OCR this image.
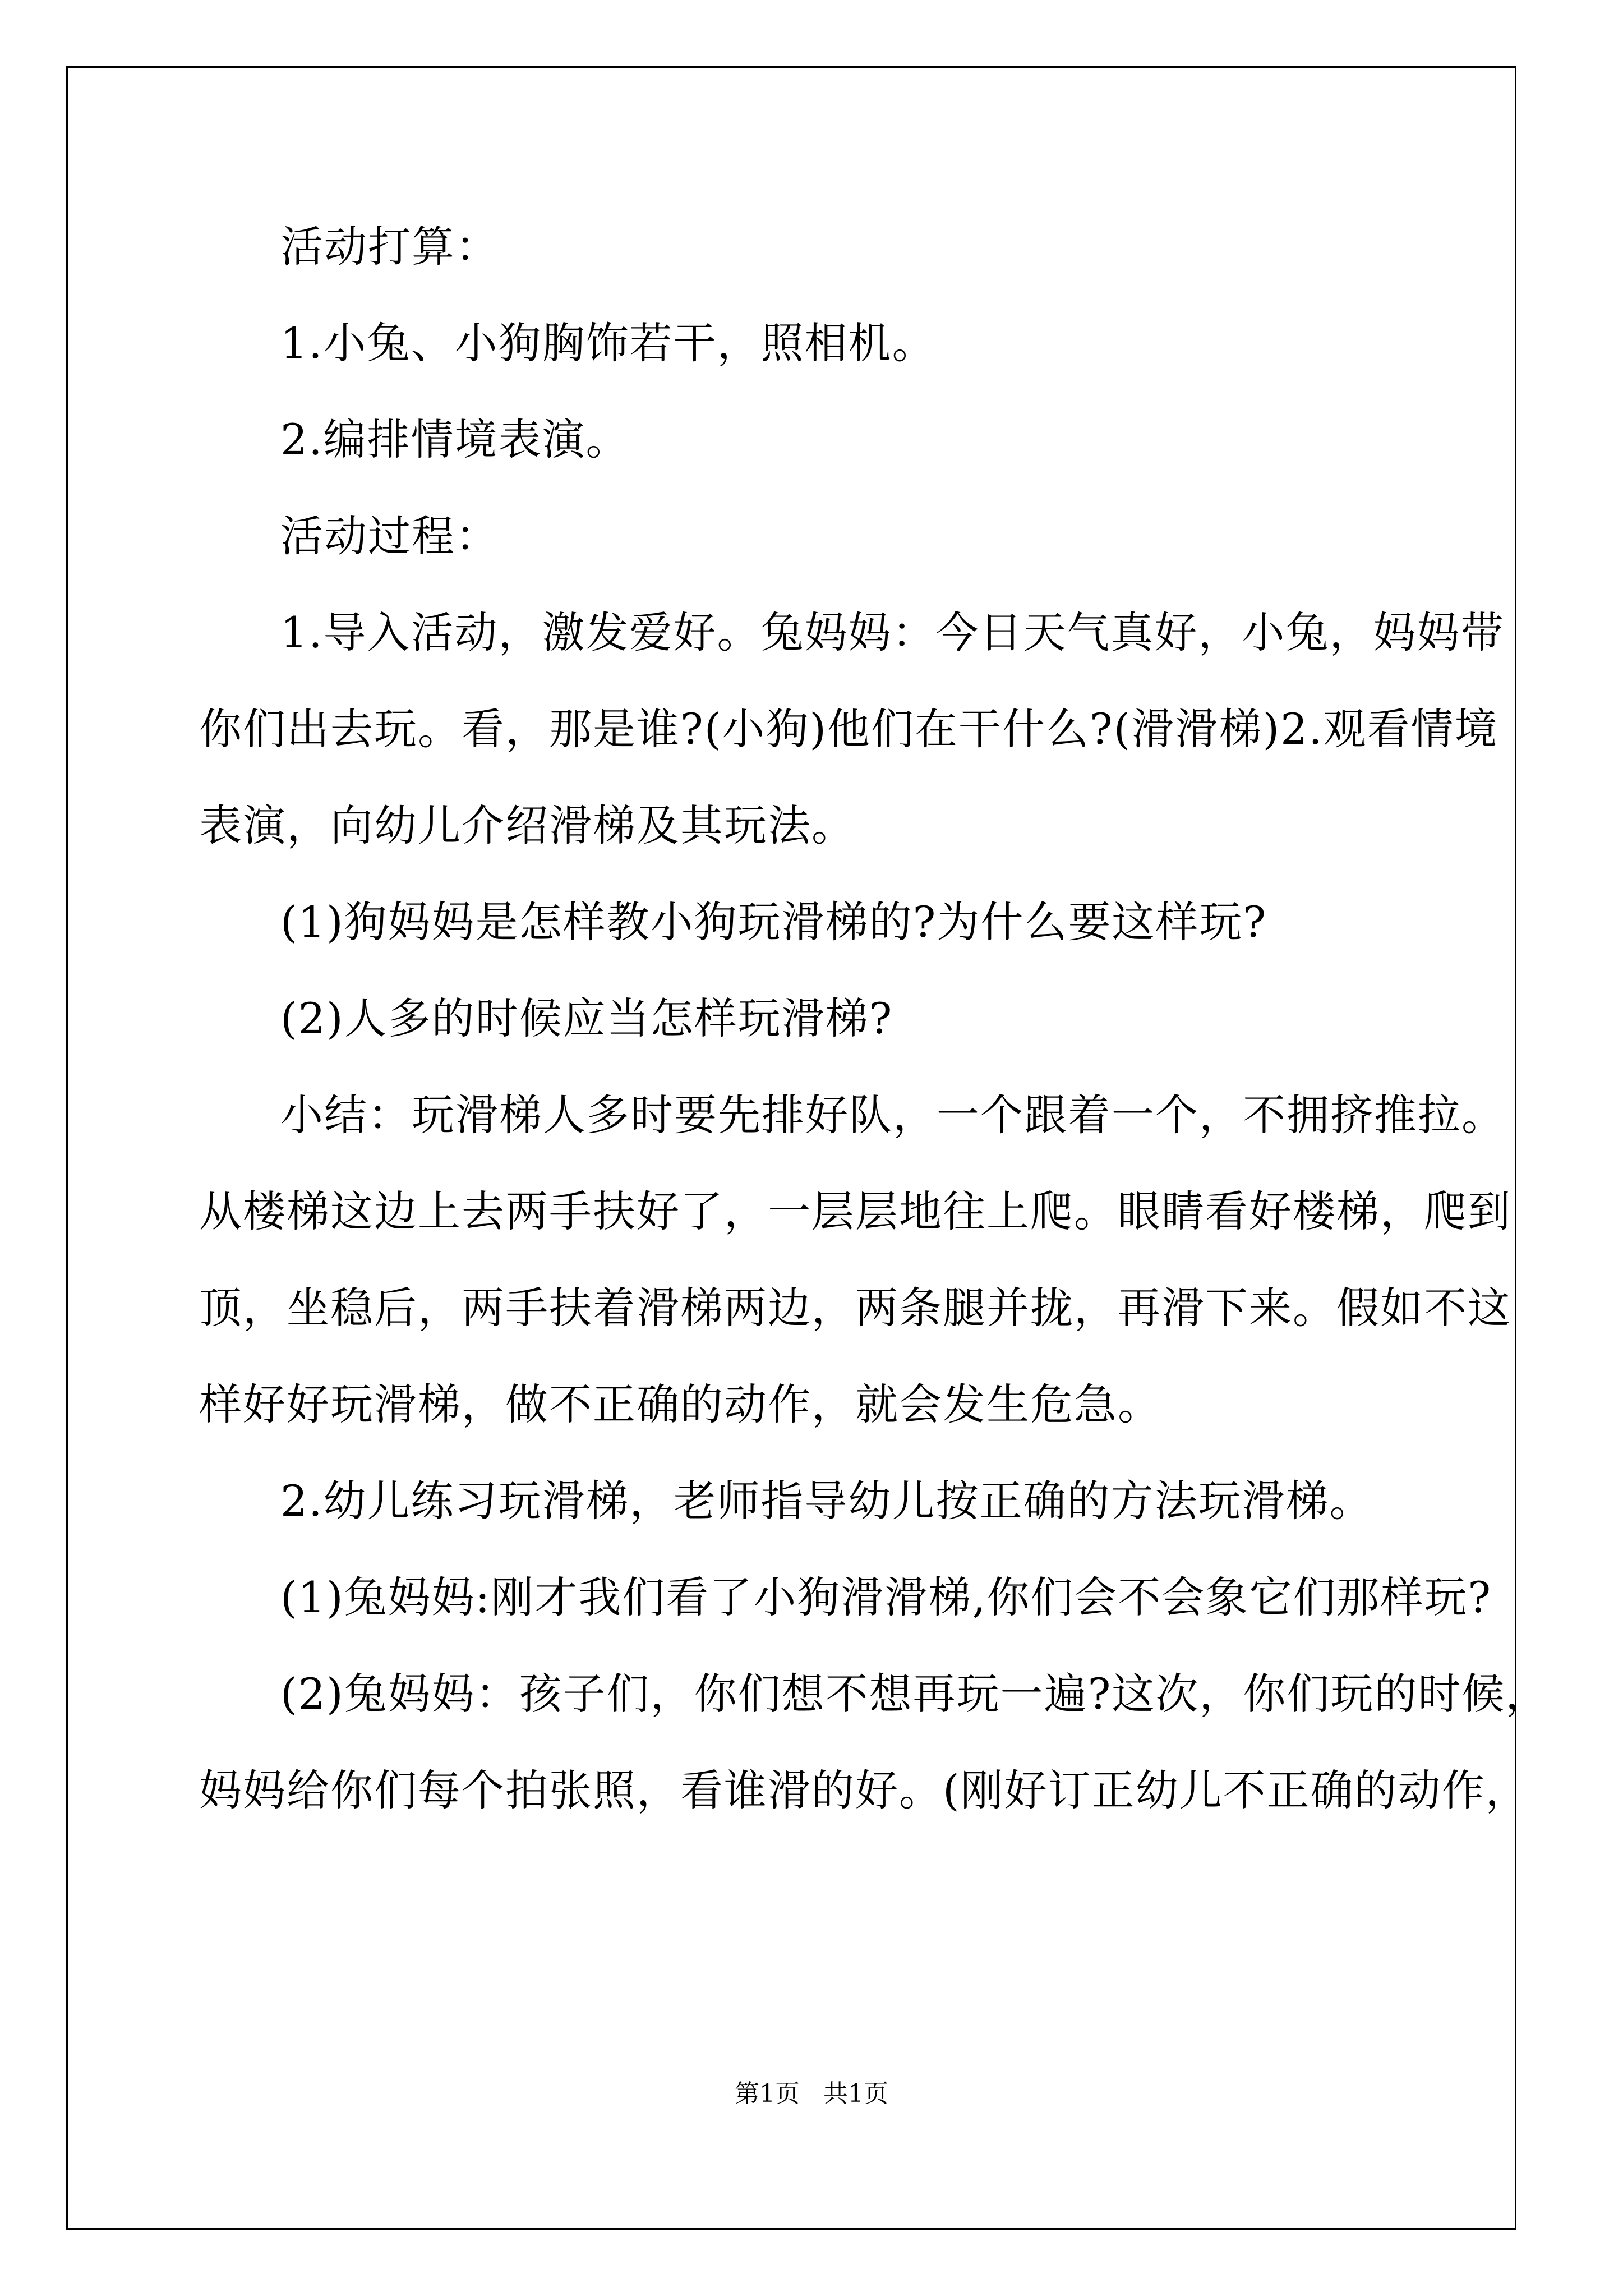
活动打算：
1.小兔、小狗胸饰若干，照相机。
2.编排情境表演。
活动过程：
1.导入活动，激发爱好。兔妈妈：今日天气真好，小兔，妈妈带
你们出去玩。看，那是谁?(小狗)他们在干什么?(滑滑梯)2.观看情境
表演，向幼儿介绍滑梯及其玩法。
(1)狗妈妈是怎样教小狗玩滑梯的?为什么要这样玩?
(2)人多的时候应当怎样玩滑梯?
小结：玩滑梯人多时要先排好队，一个跟着一个，不拥挤推拉。
从楼梯这边上去两手扶好了，一层层地往上爬。眼睛看好楼梯，爬到
顶，坐稳后，两手扶着滑梯两边，两条腿并拢，再滑下来。假如不这
样好好玩滑梯，做不正确的动作，就会发生危急。
2.幼儿练习玩滑梯，老师指导幼儿按正确的方法玩滑梯。
(1)兔妈妈:刚才我们看了小狗滑滑梯,你们会不会象它们那样玩?
(2)兔妈妈：孩子们，你们想不想再玩一遍?这次，你们玩的时候，
妈妈给你们每个拍张照，看谁滑的好。(刚好订正幼儿不正确的动作，
第1页   共1页
